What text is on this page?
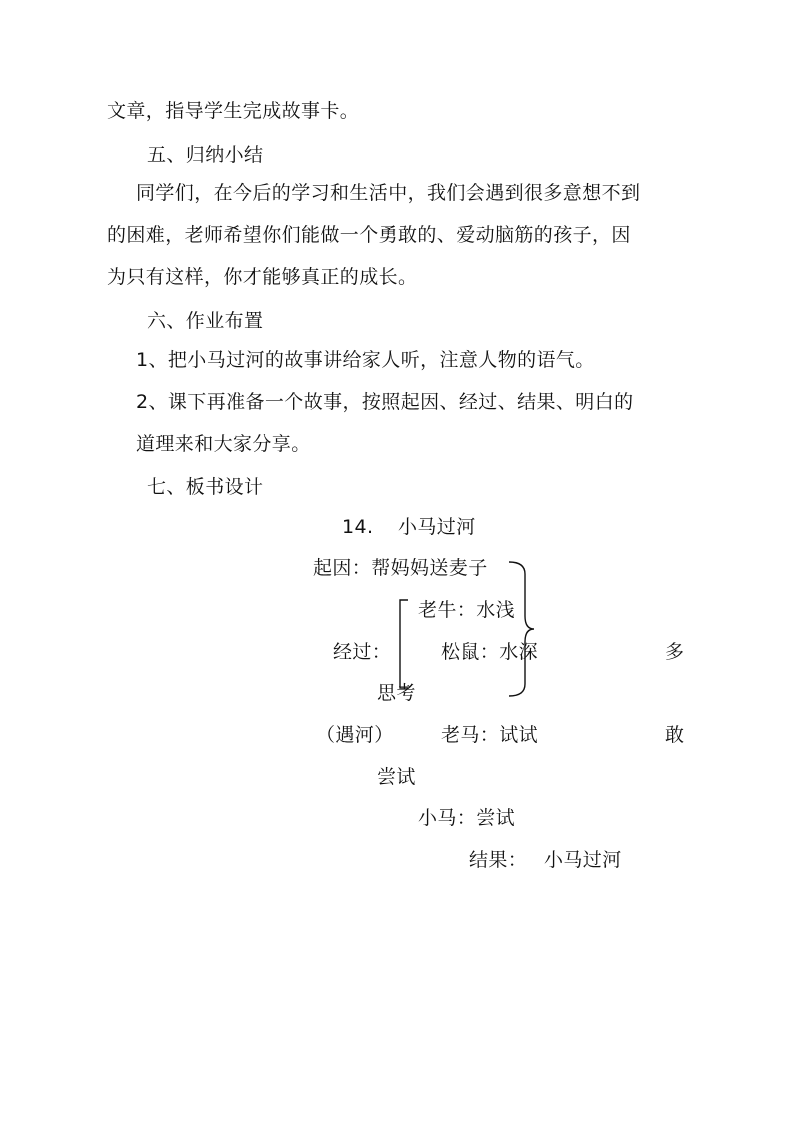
文章，指导学生完成故事卡。
五、归纳小结
同学们，在今后的学习和生活中，我们会遇到很多意想不到
的困难，老师希望你们能做一个勇敢的、爱动脑筋的孩子，因
为只有这样，你才能够真正的成长。
六、作业布置
1、把小马过河的故事讲给家人听，注意人物的语气。
2、课下再准备一个故事，按照起因、经过、结果、明白的
道理来和大家分享。
七、板书设计
14. 小马过河
起因：帮妈妈送麦子
老牛：水浅
经过：	松鼠：水深	多
思考
（遇河） 老马：试试	敢
尝试
小马：尝试
结果： 小马过河
